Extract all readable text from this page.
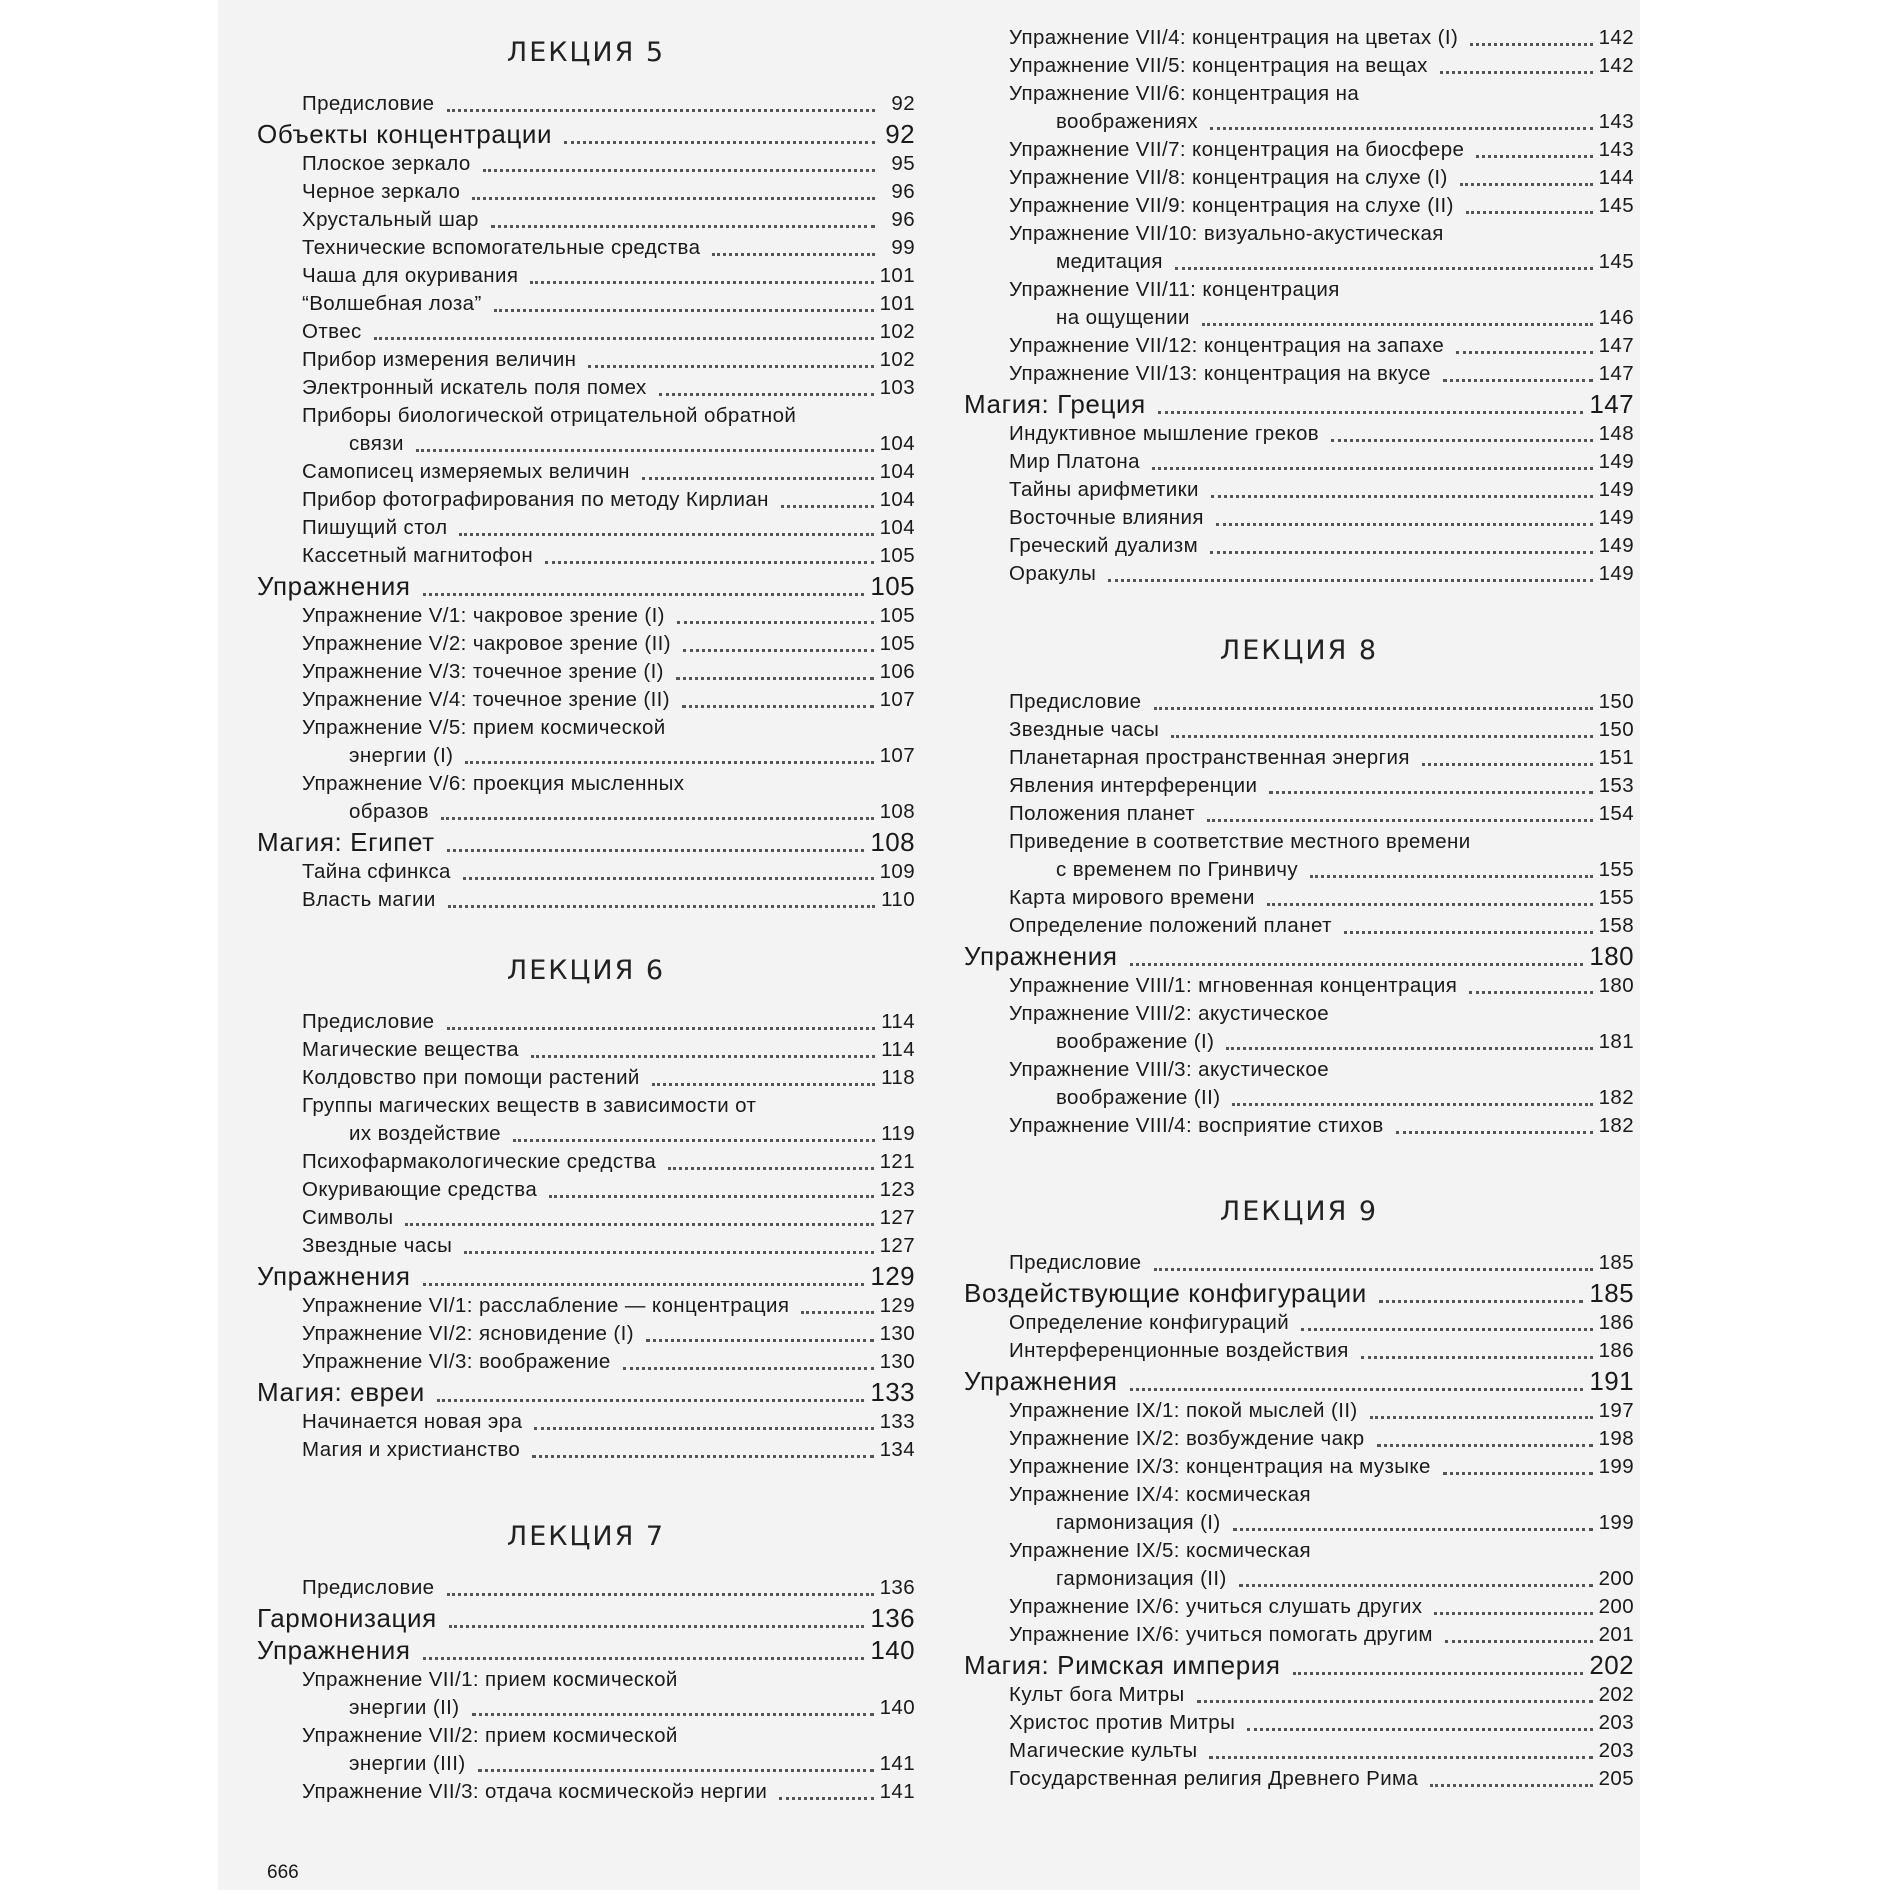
ЛЕКЦИЯ 5
Предисловие	92
Объекты концентрации	92
Плоское зеркало	95
Черное зеркало	96
Хрустальный шар	96
Технические вспомогательные средства	99
Чаша для окуривания	101
“Волшебная лоза”	101
Отвес	102
Прибор измерения величин	102
Электронный искатель поля помех	103
Приборы биологической отрицательной обратной
связи	104
Самописец измеряемых величин	104
Прибор фотографирования по методу Кирлиан	104
Пишущий стол	104
Кассетный магнитофон	105
Упражнения	105
Упражнение V/1: чакровое зрение (I)	105
Упражнение V/2: чакровое зрение (II)	105
Упражнение V/3: точечное зрение (I)	106
Упражнение V/4: точечное зрение (II)	107
Упражнение V/5: прием космической
энергии (I)	107
Упражнение V/6: проекция мысленных
образов	108
Магия: Египет	108
Тайна сфинкса	109
Власть магии	110
ЛЕКЦИЯ 6
Предисловие	114
Магические вещества	114
Колдовство при помощи растений	118
Группы магических веществ в зависимости от
их воздействие	119
Психофармакологические средства	121
Окуривающие средства	123
Символы	127
Звездные часы	127
Упражнения	129
Упражнение VI/1: расслабление — концентрация	129
Упражнение VI/2: ясновидение (I)	130
Упражнение VI/3: воображение	130
Магия: евреи	133
Начинается новая эра	133
Магия и христианство	134
ЛЕКЦИЯ 7
Предисловие	136
Гармонизация	136
Упражнения	140
Упражнение VII/1: прием космической
энергии (II)	140
Упражнение VII/2: прием космической
энергии (III)	141
Упражнение VII/3: отдача космическойэ нергии	141
Упражнение VII/4: концентрация на цветах (I)	142
Упражнение VII/5: концентрация на вещах	142
Упражнение VII/6: концентрация на
воображениях	143
Упражнение VII/7: концентрация на биосфере	143
Упражнение VII/8: концентрация на слухе (I)	144
Упражнение VII/9: концентрация на слухе (II)	145
Упражнение VII/10: визуально-акустическая
медитация	145
Упражнение VII/11: концентрация
на ощущении	146
Упражнение VII/12: концентрация на запахе	147
Упражнение VII/13: концентрация на вкусе	147
Магия: Греция	147
Индуктивное мышление греков	148
Мир Платона	149
Тайны арифметики	149
Восточные влияния	149
Греческий дуализм	149
Оракулы	149
ЛЕКЦИЯ 8
Предисловие	150
Звездные часы	150
Планетарная пространственная энергия	151
Явления интерференции	153
Положения планет	154
Приведение в соответствие местного времени
с временем по Гринвичу	155
Карта мирового времени	155
Определение положений планет	158
Упражнения	180
Упражнение VIII/1: мгновенная концентрация	180
Упражнение VIII/2: акустическое
воображение (I)	181
Упражнение VIII/3: акустическое
воображение (II)	182
Упражнение VIII/4: восприятие стихов	182
ЛЕКЦИЯ 9
Предисловие	185
Воздействующие конфигурации	185
Определение конфигураций	186
Интерференционные воздействия	186
Упражнения	191
Упражнение IX/1: покой мыслей (II)	197
Упражнение IX/2: возбуждение чакр	198
Упражнение IX/3: концентрация на музыке	199
Упражнение IX/4: космическая
гармонизация (I)	199
Упражнение IX/5: космическая
гармонизация (II)	200
Упражнение IX/6: учиться слушать других	200
Упражнение IX/6: учиться помогать другим	201
Магия: Римская империя	202
Культ бога Митры	202
Христос против Митры	203
Магические культы	203
Государственная религия Древнего Рима	205
666
